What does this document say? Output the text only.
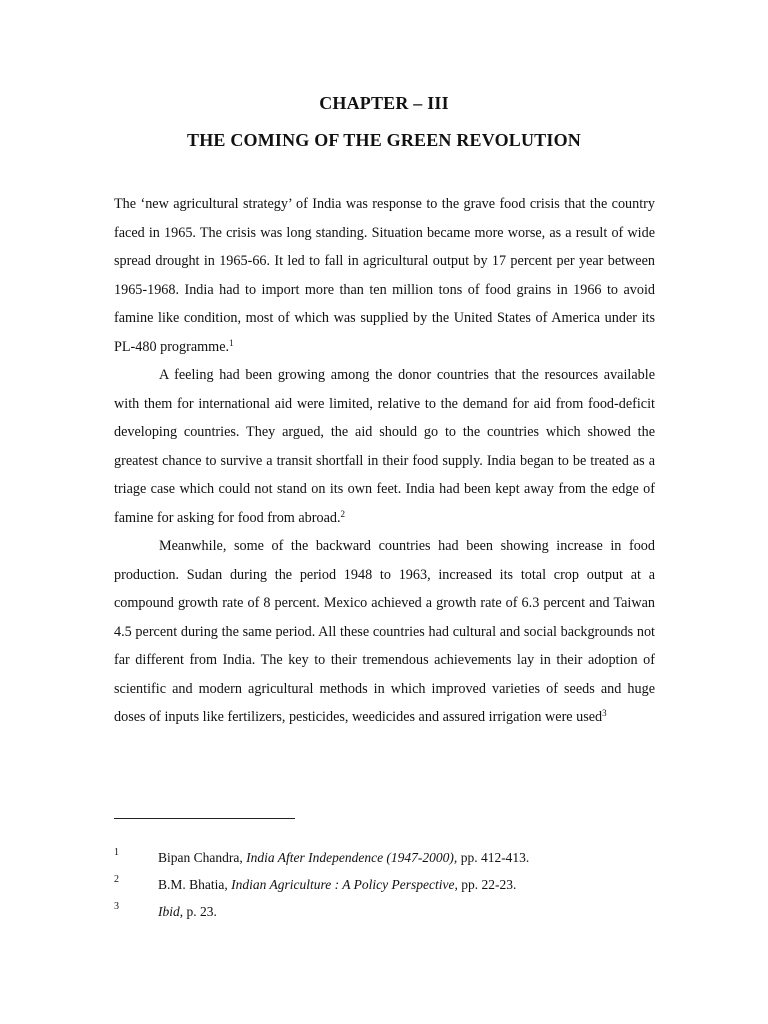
CHAPTER – III
THE COMING OF THE GREEN REVOLUTION

The ‘new agricultural strategy’ of India was response to the grave food crisis that the country faced in 1965. The crisis was long standing. Situation became more worse, as a result of wide spread drought in 1965-66. It led to fall in agricultural output by 17 percent per year between 1965-1968. India had to import more than ten million tons of food grains in 1966 to avoid famine like condition, most of which was supplied by the United States of America under its PL-480 programme.$^1$

A feeling had been growing among the donor countries that the resources available with them for international aid were limited, relative to the demand for aid from food-deficit developing countries. They argued, the aid should go to the countries which showed the greatest chance to survive a transit shortfall in their food supply. India began to be treated as a triage case which could not stand on its own feet. India had been kept away from the edge of famine for asking for food from abroad.$^2$

Meanwhile, some of the backward countries had been showing increase in food production. Sudan during the period 1948 to 1963, increased its total crop output at a compound growth rate of 8 percent. Mexico achieved a growth rate of 6.3 percent and Taiwan 4.5 percent during the same period. All these countries had cultural and social backgrounds not far different from India. The key to their tremendous achievements lay in their adoption of scientific and modern agricultural methods in which improved varieties of seeds and huge doses of inputs like fertilizers, pesticides, weedicides and assured irrigation were used$^3$

1	Bipan Chandra, India After Independence (1947-2000), pp. 412-413.
2	B.M. Bhatia, Indian Agriculture : A Policy Perspective, pp. 22-23.
3	Ibid, p. 23.
